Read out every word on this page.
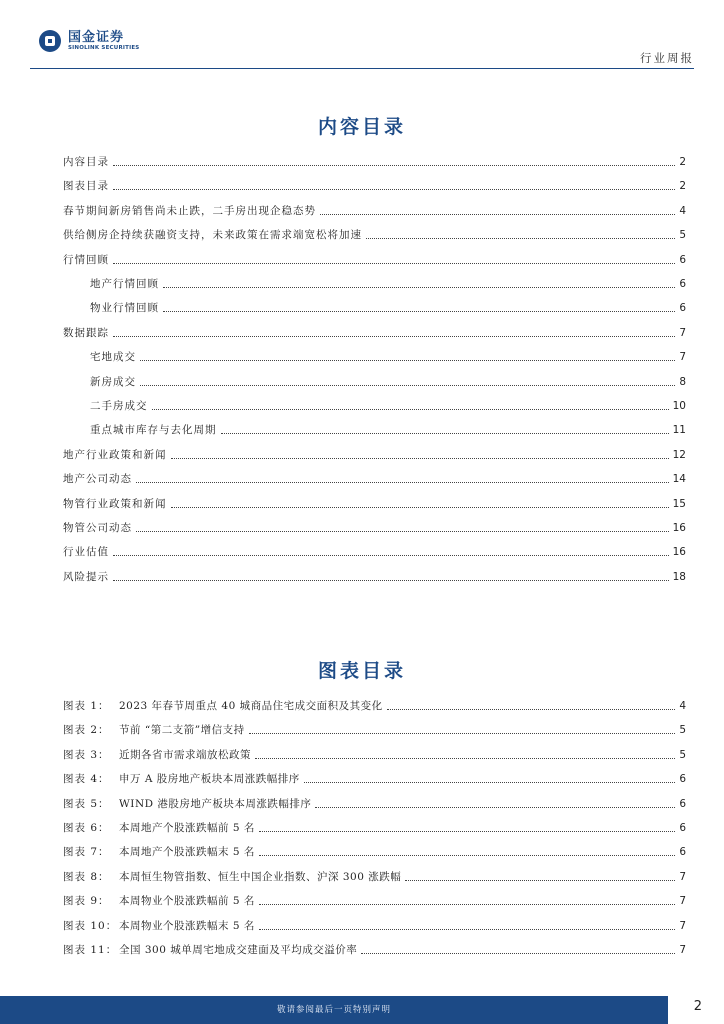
国金证券
SINOLINK SECURITIES
行业周报
内容目录
内容目录	2
图表目录	2
春节期间新房销售尚未止跌，二手房出现企稳态势	4
供给侧房企持续获融资支持，未来政策在需求端宽松将加速	5
行情回顾	6
地产行情回顾	6
物业行情回顾	6
数据跟踪	7
宅地成交	7
新房成交	8
二手房成交	10
重点城市库存与去化周期	11
地产行业政策和新闻	12
地产公司动态	14
物管行业政策和新闻	15
物管公司动态	16
行业估值	16
风险提示	18
图表目录
图表 1： 2023 年春节周重点 40 城商品住宅成交面积及其变化	4
图表 2： 节前 “第二支箭”增信支持	5
图表 3： 近期各省市需求端放松政策	5
图表 4： 申万 A 股房地产板块本周涨跌幅排序	6
图表 5： WIND 港股房地产板块本周涨跌幅排序	6
图表 6： 本周地产个股涨跌幅前 5 名	6
图表 7： 本周地产个股涨跌幅末 5 名	6
图表 8： 本周恒生物管指数、恒生中国企业指数、沪深 300 涨跌幅	7
图表 9： 本周物业个股涨跌幅前 5 名	7
图表 10： 本周物业个股涨跌幅末 5 名	7
图表 11： 全国 300 城单周宅地成交建面及平均成交溢价率	7
敬请参阅最后一页特别声明	2
